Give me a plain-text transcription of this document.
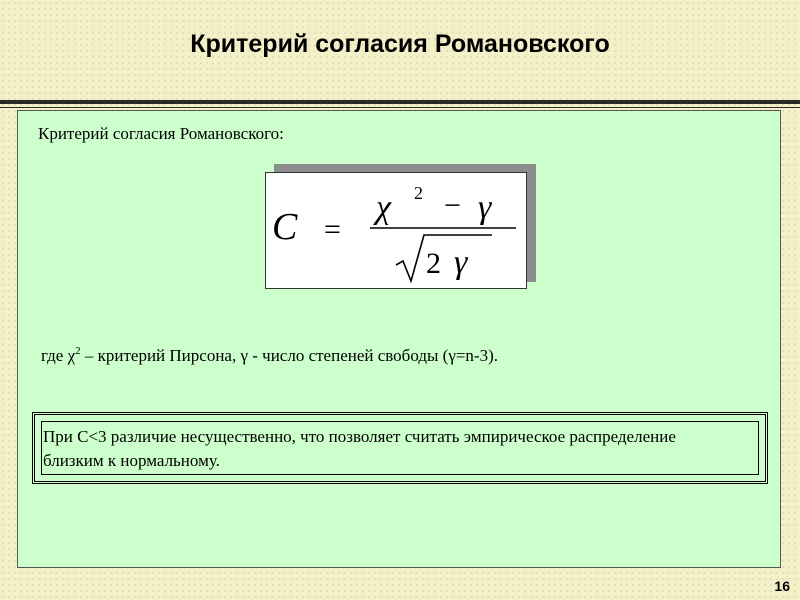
Критерий согласия Романовского
Критерий согласия Романовского:
C =
χ 2 − γ
2 γ
где $\chi^2$ – критерий Пирсона, γ - число степеней свободы (γ=n-3).
При С<3 различие несущественно, что позволяет считать эмпирическое распределение близким к нормальному.
16
